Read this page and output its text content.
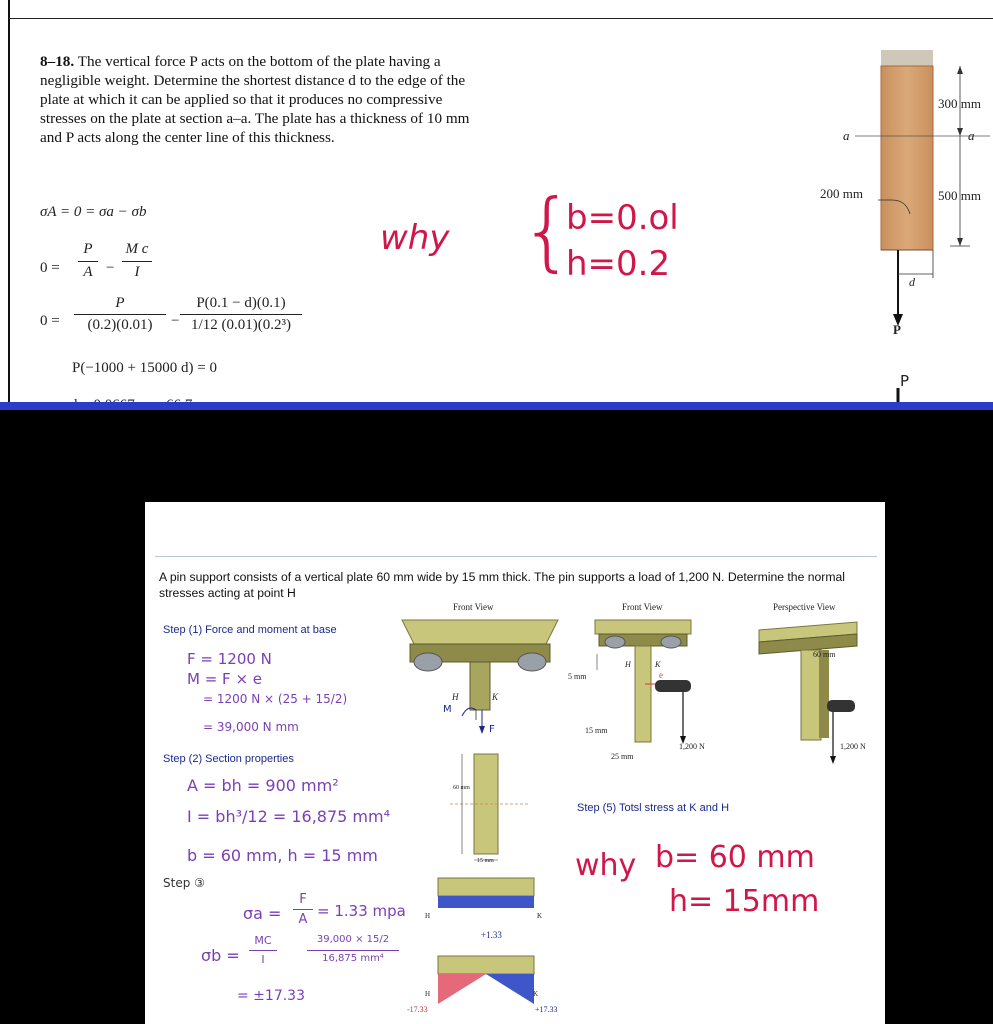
8–18. The vertical force P acts on the bottom of the plate having a negligible weight. Determine the shortest distance d to the edge of the plate at which it can be applied so that it produces no compressive stresses on the plate at section a–a. The plate has a thickness of 10 mm and P acts along the center line of this thickness.
σA = 0 = σa − σb
0 =
P
A −
M c
I
0 =
P
(0.2)(0.01)	−
P(0.1 − d)(0.1)
1/12 (0.01)(0.2³)
P(−1000 + 15000 d) = 0
why {
b=0.ol
h=0.2
300 mm
500 mm
200 mm
a	a
d
P
P
A pin support consists of a vertical plate 60 mm wide by 15 mm thick. The pin supports a load of 1,200 N. Determine the normal stresses acting at point H
Front View	Front View	Perspective View
Step (1) Force and moment at base
F = 1200 N
M = F × e
= 1200 N × (25 + 15/2)
= 39,000 N mm
Step (2) Section properties
A = bh = 900 mm²
I = bh³/12 = 16,875 mm⁴
b = 60 mm, h = 15 mm
Step ③
σa =
F
A = 1.33 mpa
σb =
MC
I
39,000 × 15/2
16,875 mm⁴
= ±17.33
Step (5) Totsl stress at K and H
H	K
M
F
60 mm
15 mm
H	K
+1.33
H	K
-17.33	+17.33
H	K
e
5 mm
15 mm
25 mm
1,200 N
60 mm
1,200 N
why b= 60 mm
h= 15mm
